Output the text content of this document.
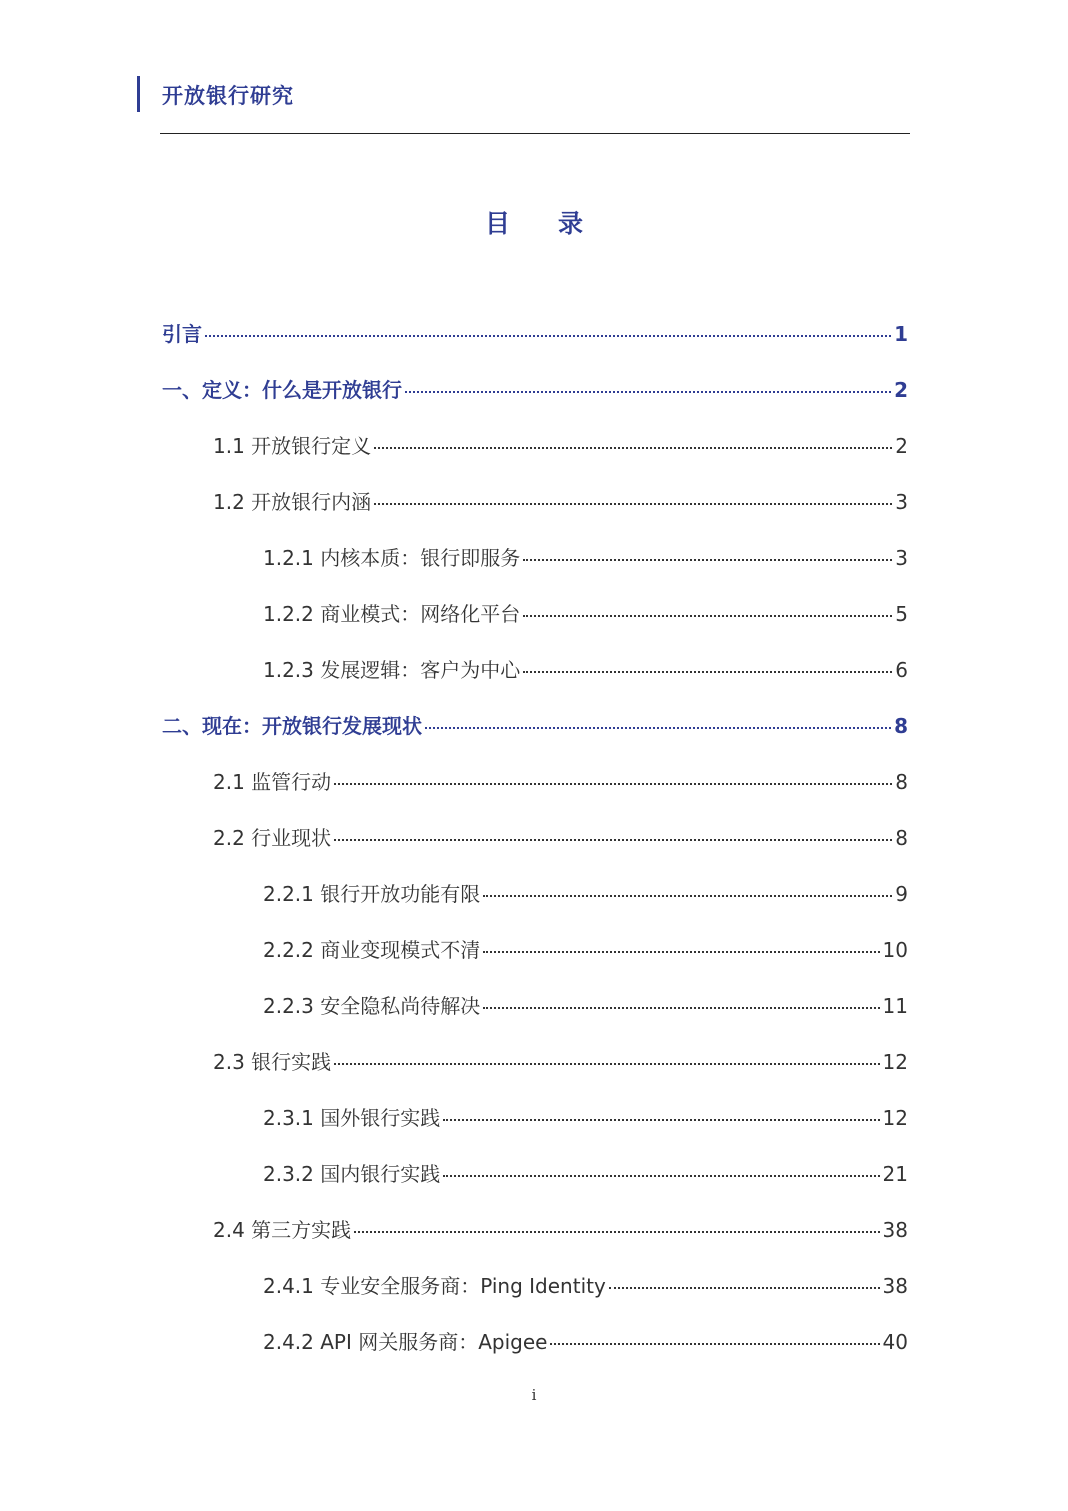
开放银行研究
目录
引言	1
一、定义：什么是开放银行	2
1.1 开放银行定义	2
1.2 开放银行内涵	3
1.2.1 内核本质：银行即服务	3
1.2.2 商业模式：网络化平台	5
1.2.3 发展逻辑：客户为中心	6
二、现在：开放银行发展现状	8
2.1 监管行动	8
2.2 行业现状	8
2.2.1 银行开放功能有限	9
2.2.2 商业变现模式不清	10
2.2.3 安全隐私尚待解决	11
2.3 银行实践	12
2.3.1 国外银行实践	12
2.3.2 国内银行实践	21
2.4 第三方实践	38
2.4.1 专业安全服务商：Ping Identity	38
2.4.2 API 网关服务商：Apigee	40
i
